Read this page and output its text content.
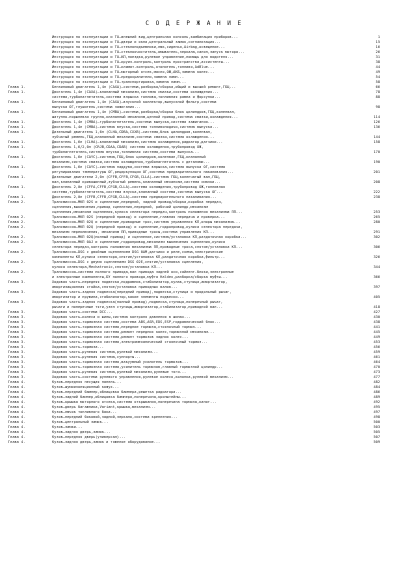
С О Д Е Р Ж А Н И Е
Инструкция по эксплуатации и ТО—внешний вид,центральная консоль,комбинация приборов...	1
Инструкция по эксплуатации и ТО—двери и окна,центральный замок,сигнализация...	15
Инструкция по эксплуатации и ТО—стеклоподъемники,люк,сиденья,Airbag,освещение...	16
Инструкция по эксплуатации и ТО—стеклоочиститель,омыватель,зеркала,салон,запуск мотора...	26
Инструкция по эксплуатации и ТО—КП,поездка,рулевое управление,помощь для водителя...	31
Инструкция по эксплуатации и ТО—круиз-контроль,контроль пространства,ассистенты...	38
Инструкция по эксплуатации и ТО—климат-контроль,отопитель,топливо,AdBlue...	44
Инструкция по эксплуатации и ТО—моторный отсек,масло,ОЖ,АКБ,замена колес...	49
Инструкция по эксплуатации и ТО—предохранители,замена ламп...	54
Инструкция по эксплуатации и ТО—транспортировка,замена ламп...	58
Глава 1.	Бензиновый двигатель 1,4л (CAXA)—система,разборка/сборка,общий и высший ремонт,ГБЦ...	66
Глава 1.	Двигатель 1,4л (CAXA)—клапанный механизм,система смазки,система охлаждения...	78
система,турбонагнетатель,система впрыска топлива,топливная рампа и форсунки...	88
Глава 1.	Бензиновый двигатель 1,4л (CAXA)—впускной коллектор,выпускной фильтр,система
выпуска ОГ,глушитель,система зажигания...	98
Глава 1.	Бензиновый двигатель 1,4л (CMBA)—система,разборка/сборка блок цилиндров,ГБЦ,коленвал,
шатунно-поршневая группа,клапанный механизм,цепной привод,система смазки,охлаждения...	114
Глава 1.	Двигатель 1,4л (CMBA)—турбонагнетатель,система выпуска,система зажигания...	126
Глава 1.	Двигатель 1,4л (CMBA)—система впуска,система топливоподачи,система выпуска...	136
Глава 1.	Дизельный двигатель 1,6л (CLHA,CDBA,CXXB)—система,блок цилиндров,коленвал,
зубчатый ремень,ГБЦ,клапанный механизм,система смазки,система охлаждения...	144
Глава 1.	Двигатель 1,6л (CLHA)—клапанный механизм,система охлаждения,радиатор,датчики...	158
Глава 1.	Двигатель 1,6/2,0л (CRJB,CDAA,CDAB) система охлаждения,трубопровод ОЖ,
турбонагнетатель,система впуска,топливная система,система выпуска...	170
Глава 1.	Двигатель 1,6л (CAYC)—система,ГБЦ,блок цилиндров,коленвал,ГБЦ,клапанный
механизм,система смазки,система охлаждения,турбонагнетатель с деталями...	190
Глава 1.	Двигатель 1,6л (CAYC)—система наддува,система впрыска,система выпуска ОГ,система
регулирования температуры ОГ,рециркуляции ОГ,система предварительного накаливания...	201
Глава 1.	Дизельные двигатели 2,0л (CFFB,CFFB,CFGB,CLLA)—система ГБЦ,коленчатый вал,ГБЦ,
вал,клапанный кривошипный,зубчатый ремень,клапанный механизм,система смазки...	208
Глава 1.	Двигатель 2,0л (CFFA,CFFB,CFGB,CLLA)—система охлаждения,трубопровод ОЖ,топливная
система,турбонагнетатель,система впуска,клапанный система,система выпуска ОГ...	222
Глава 1.	Двигатель 2,0л (CFFB,CFFB,CFGB,CLLA)—система предварительного накаливания...	238
Глава 2.	Трансмиссия—МКП 02S и сцепление,передний, задний привод/сборка,коробка передач,
сцепления,выключения,привод сцепления,передний, рабочий цилиндр,механизм
сцепления,механизм сцепления,кулиса селектора передач,контроль положения механизма ПП...	253
Глава 2.	Трансмиссия—МКП 02S (передний привод) и сцепление,главная передача и проверка...	265
Глава 2.	Трансмиссия—МКП 02Q и сцепление,приводные трос,система управления КП,опоры механизма...	280
Глава 2.	Трансмиссия—МКП 02Q (передний привод) и сцепление,гидропривод,кулиса селектора передачи,
механизм переключения, механизм ПП,приводные тросы,система управления КП...	291
Глава 2.	Трансмиссия—МКП 02Q(полный привод) и сцепление,система/установка КП,раздаточная коробка...	302
Глава 2.	Трансмиссия—МКП 0AJ и сцепление,гидропривод,механизм выключения сцепления,кулиса
селектора передач,контроль положения механизма ПП,приводные троса,снятие/установка КП...	306
Глава 2.	Трансмиссия—DSG с двойным сцеплением DSG 0AM,датчики и реле,схема,электрические
компоненты КП,кулиса селектора,снятие/установка КП,раздаточная коробка,фильтр...	326
Глава 2.	Трансмиссия—DSG с двумя сцеплением DSG 02E,снятие/установка сцепления,
кулиса селектора,Mechatronic,снятие/установка КП...	344
Глава 2.	Трансмиссия—система полного привода,вал привода задней оси,сайлент-блоки,электронные
и электронные компоненты,БУ полного привода,муфта Haldex,разборка/сборка муфты...	366
Глава 3.	Ходовая часть—передняя подвеска,подрамник,стабилизатор,кулак,ступица,амортизатор,
амортизационная стойка,снятие/установка приводных валов...	397
Глава 3.	Ходовая часть—задняя подвеска(передний привод),подвеска,ступица и продольный рычаг,
амортизатор и пружина,стабилизатор,какие элементы подвески...	405
Глава 3.	Ходовая часть—задняя подвеска(полный привод),подвеска,ступица,поперечный рычаг,
рычаги и поперечные тяги,узел ступицы,амортизатор,стабилизатор,приводной вал...	418
Глава 3.	Ходовая часть—система DCC...	427
Глава 3.	Ходовая часть—колеса и шины,система контроля давления в шинах...	430
Глава 3.	Ходовая часть—тормозная система,система ABS,ASR,EDS,ESP,гидравлический блок...	438
Глава 3.	Ходовая часть—тормозная система,передние тормоза,стояночный тормоз...	441
Глава 3.	Ходовая часть—тормозная система,ремонт передних колес,тормозной механизм...	445
Глава 3.	Ходовая часть—тормозная система,ремонт тормозов задних колес...	449
Глава 3.	Ходовая часть—тормозная система,электромеханический стояночный тормоз...	453
Глава 3.	Ходовая часть—тормоза...	456
Глава 3.	Ходовая часть—рулевая система,рулевой механизм...	459
Глава 3.	Ходовая часть—рулевая система,суппорты...	461
Глава 3.	Ходовая часть—тормозная система,вакуумный усилитель тормозов...	464
Глава 3.	Ходовая часть—тормозная система,усилитель тормозов,главный тормозной цилиндр...	470
Глава 3.	Ходовая часть—рулевая система,рулевой механизм,рулевые тяги...	473
Глава 3.	Ходовая часть—система рулевого управления,рулевое колесо,колонка,рулевой механизм...	477
Глава 4.	Кузов—передняя несущая панель...	482
Глава 4.	Кузов—шумоизоляционный кожух...	484
Глава 4.	Кузов—передний бампер,облицовка бампера,решетка радиатора...	486
Глава 4.	Кузов—задний бампер,облицовка бампера,поперечина,кронштейны...	489
Глава 4.	Кузов—крышка моторного отсека,система открывания,поперечина тормоза,капот...	492
Глава 4.	Кузов—дверь багажника,Variant,крышка,механизм...	495
Глава 4.	Кузов—лючок топливного бака...	497
Глава 4.	Кузов—передний боковой,задний,зеркало,система крепления...	498
Глава 4.	Кузов—центральный замок...	500
Глава 4.	Кузов—замки...	503
Глава 4.	Кузов—задняя дверь,замок...	505
Глава 4.	Кузов—передняя дверь(универсал)...	507
Глава 4.	Кузов—задняя дверь,замок и тяжелое оборудование...	509
